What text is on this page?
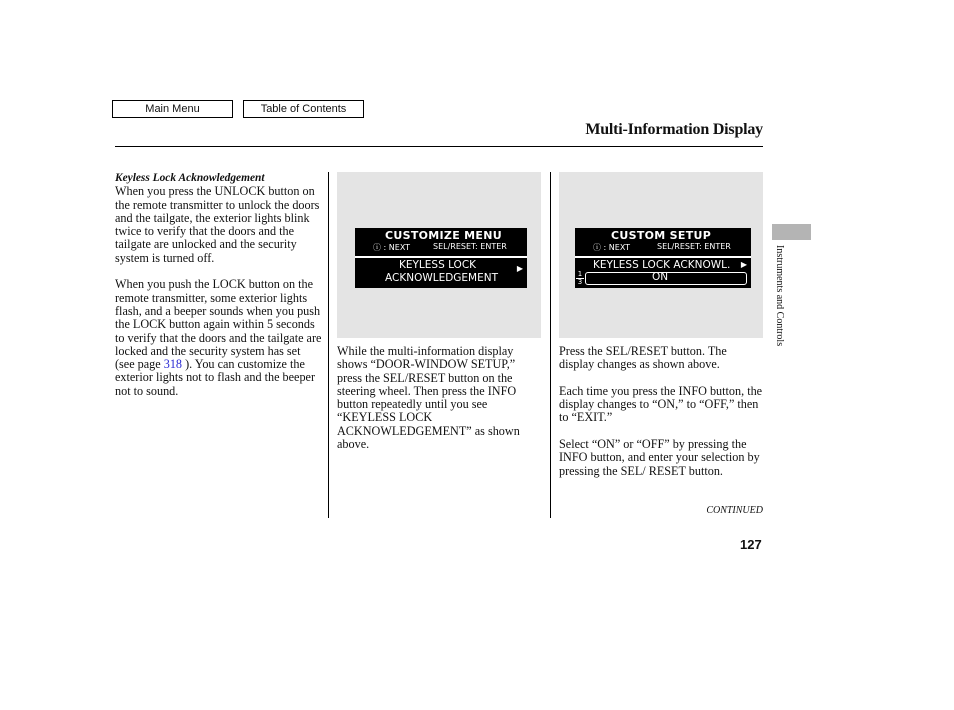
Main Menu	Table of Contents
Multi-Information Display
Instruments and Controls
Keyless Lock Acknowledgement

When you press the UNLOCK button on the remote transmitter to unlock the doors and the tailgate, the exterior lights blink twice to verify that the doors and the tailgate are unlocked and the security system is turned off.

When you push the LOCK button on the remote transmitter, some exterior lights flash, and a beeper sounds when you push the LOCK button again within 5 seconds to verify that the doors and the tailgate are locked and the security system has set (see page 318 ). You can customize the exterior lights not to flash and the beeper not to sound.

CUSTOMIZE MENU
ⓘ : NEXT	SEL/RESET: ENTER
KEYLESS LOCK
ACKNOWLEDGEMENT
▶

While the multi-information display shows “DOOR-WINDOW SETUP,” press the SEL/RESET button on the steering wheel. Then press the INFO button repeatedly until you see “KEYLESS LOCK ACKNOWLEDGEMENT” as shown above.

CUSTOM SETUP
ⓘ : NEXT	SEL/RESET: ENTER
KEYLESS LOCK ACKNOWL.
$\frac{1}{3}$	ON
▶

Press the SEL/RESET button. The display changes as shown above.

Each time you press the INFO button, the display changes to “ON,” to “OFF,” then to “EXIT.”

Select “ON” or “OFF” by pressing the INFO button, and enter your selection by pressing the SEL/ RESET button.

CONTINUED
127
